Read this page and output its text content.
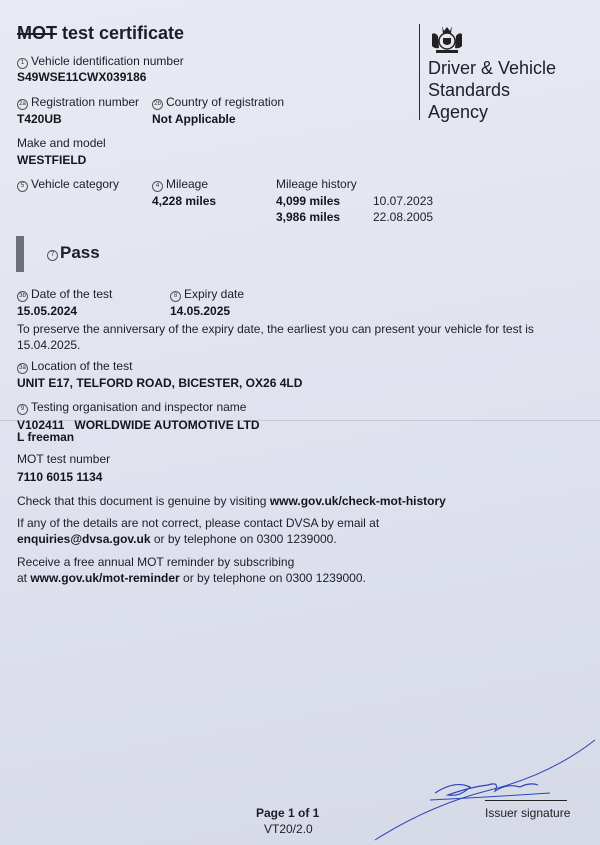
MOT test certificate
Driver & Vehicle
Standards
Agency
1 Vehicle identification number
S49WSE11CWX039186
2a Registration number
T420UB
2b Country of registration
Not Applicable
Make and model
WESTFIELD
5 Vehicle category	4 Mileage
4,228 miles
Mileage history
4,099 miles	10.07.2023
3,986 miles	22.08.2005
7 Pass
3b Date of the test
15.05.2024
8 Expiry date
14.05.2025
To preserve the anniversary of the expiry date, the earliest you can present your vehicle for test is
15.04.2025.
3a Location of the test
UNIT E17, TELFORD ROAD, BICESTER, OX26 4LD
9 Testing organisation and inspector name
V102411   WORLDWIDE AUTOMOTIVE LTD
L freeman
MOT test number
7110 6015 1134
Check that this document is genuine by visiting www.gov.uk/check-mot-history
If any of the details are not correct, please contact DVSA by email at
enquiries@dvsa.gov.uk or by telephone on 0300 1239000.
Receive a free annual MOT reminder by subscribing
at www.gov.uk/mot-reminder or by telephone on 0300 1239000.
Issuer signature
Page 1 of 1
VT20/2.0
